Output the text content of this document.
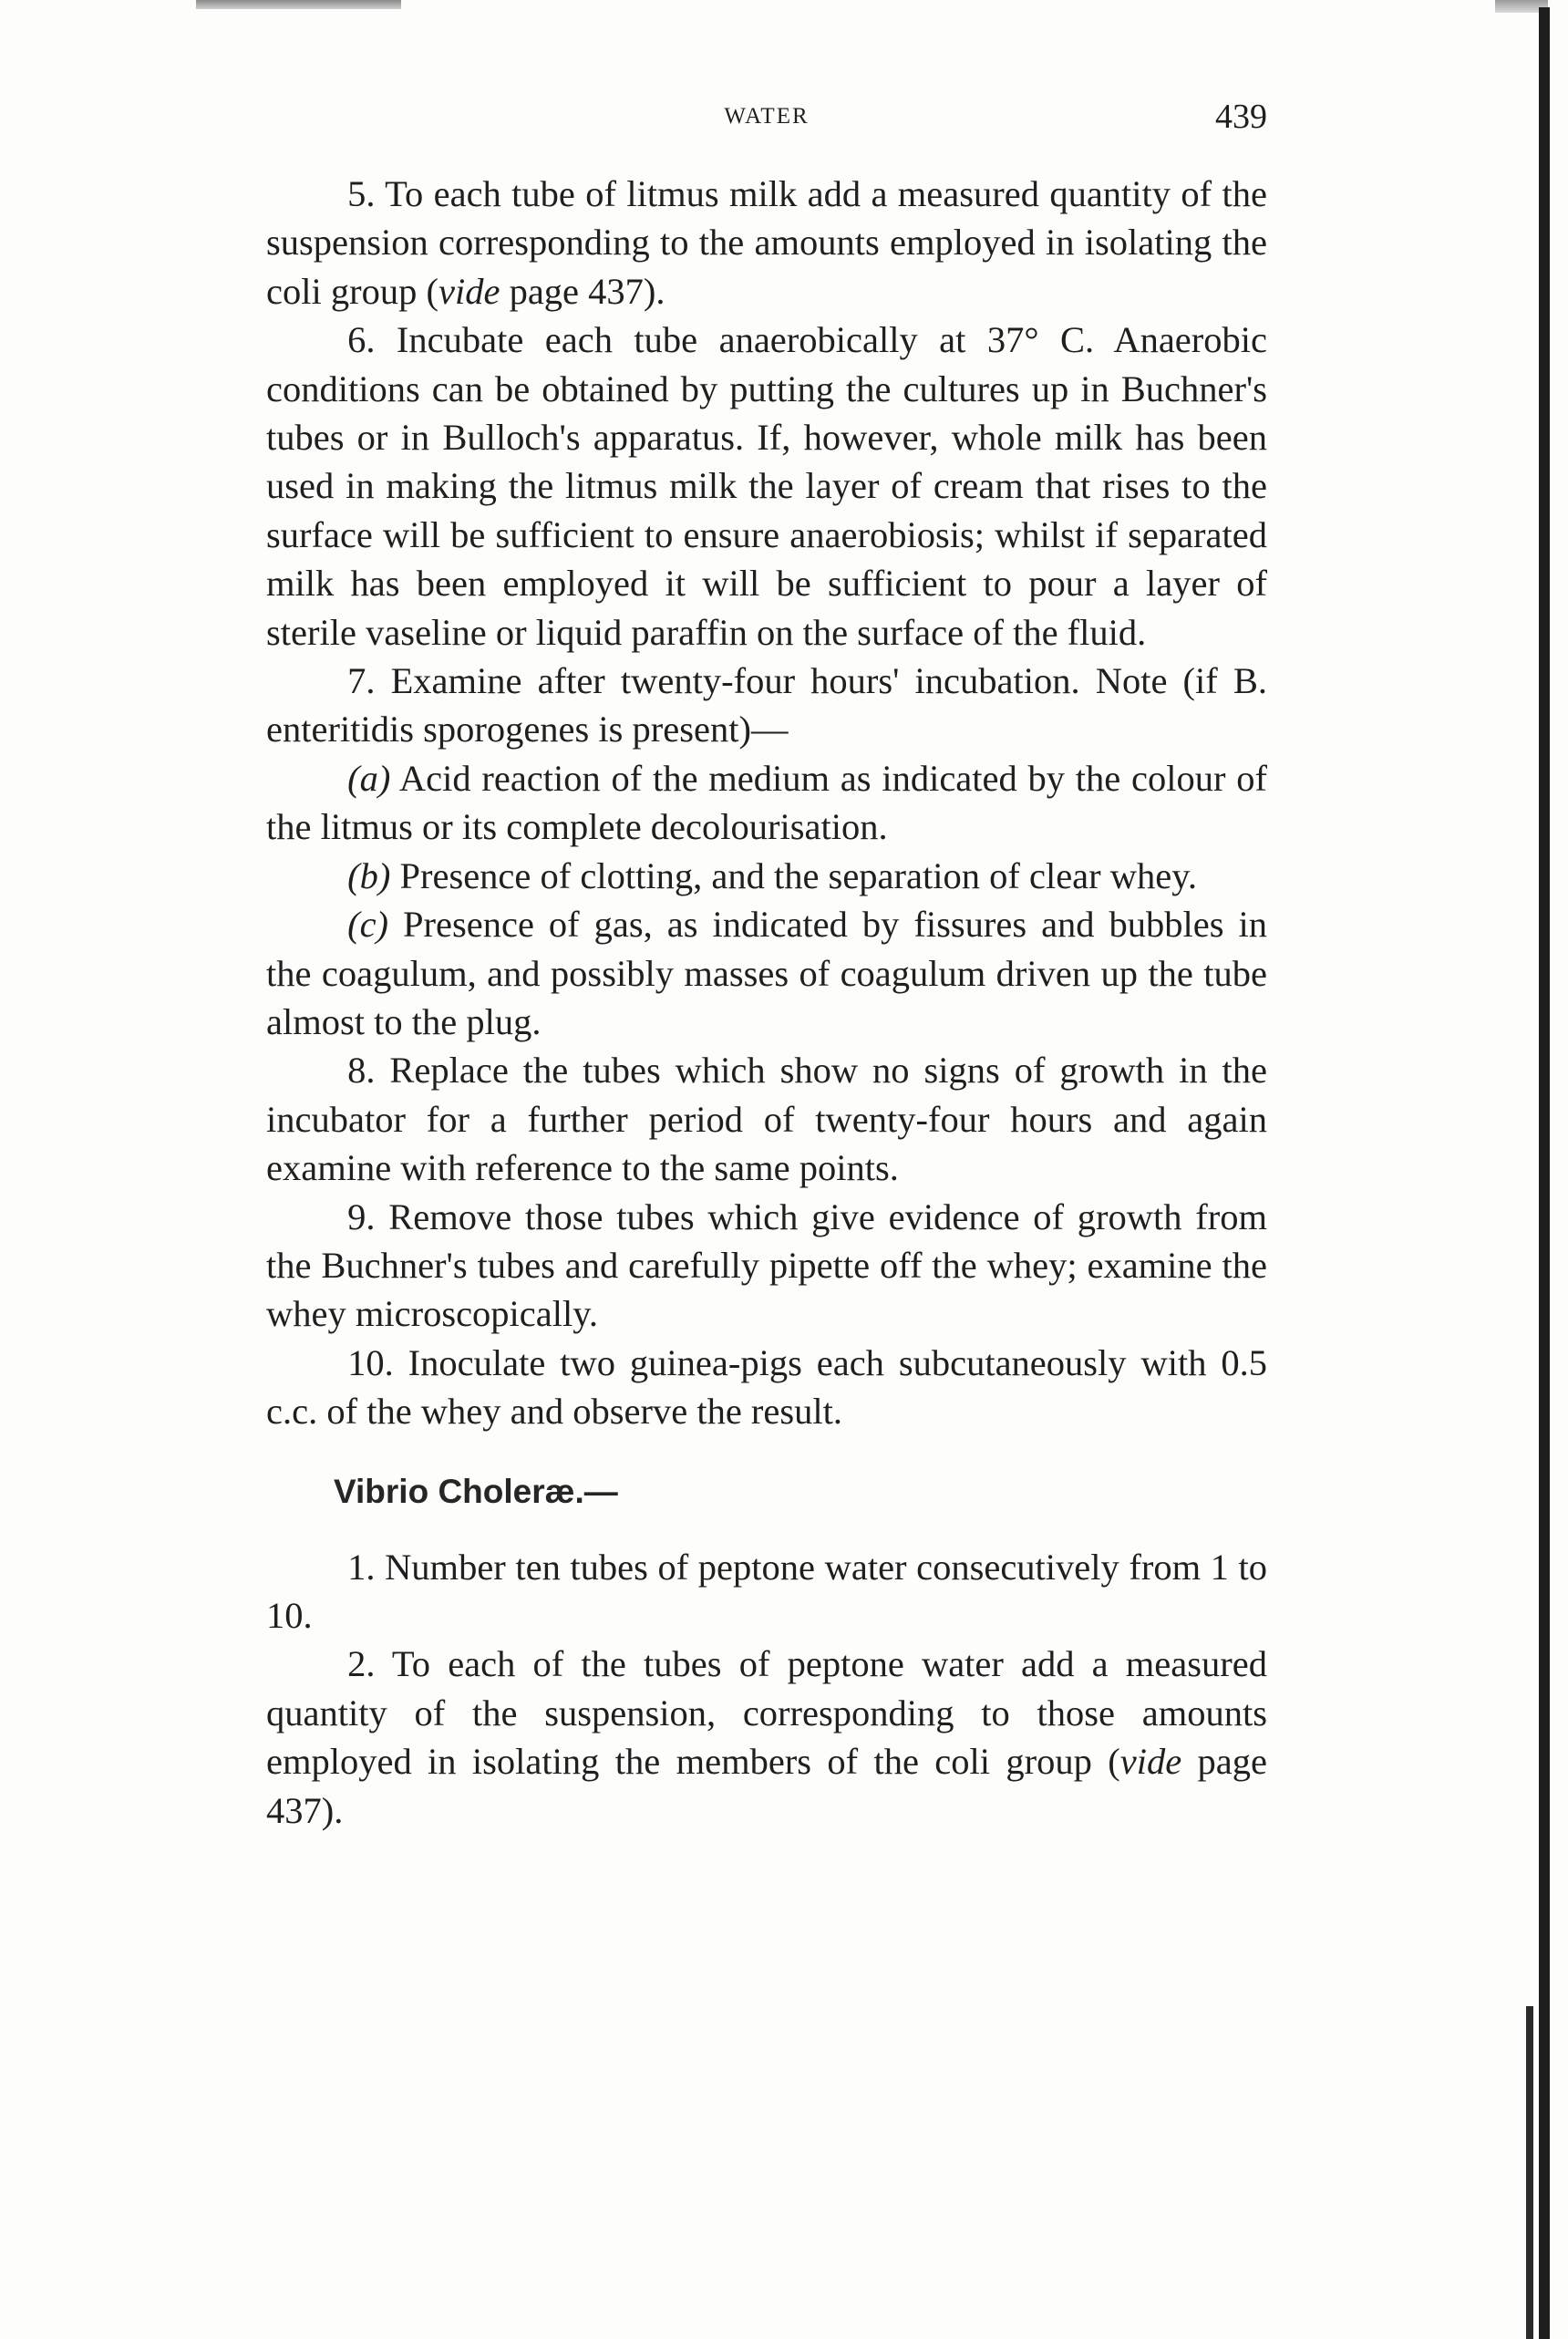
WATER	439

5. To each tube of litmus milk add a measured quantity of the suspension corresponding to the amounts employed in isolating the coli group (vide page 437).

6. Incubate each tube anaerobically at 37° C. Anaerobic conditions can be obtained by putting the cultures up in Buchner's tubes or in Bulloch's apparatus. If, however, whole milk has been used in making the litmus milk the layer of cream that rises to the surface will be sufficient to ensure anaerobiosis; whilst if separated milk has been employed it will be sufficient to pour a layer of sterile vaseline or liquid paraffin on the surface of the fluid.

7. Examine after twenty-four hours' incubation. Note (if B. enteritidis sporogenes is present)—

(a) Acid reaction of the medium as indicated by the colour of the litmus or its complete decolourisation.

(b) Presence of clotting, and the separation of clear whey.

(c) Presence of gas, as indicated by fissures and bubbles in the coagulum, and possibly masses of coagulum driven up the tube almost to the plug.

8. Replace the tubes which show no signs of growth in the incubator for a further period of twenty-four hours and again examine with reference to the same points.

9. Remove those tubes which give evidence of growth from the Buchner's tubes and carefully pipette off the whey; examine the whey microscopically.

10. Inoculate two guinea-pigs each subcutaneously with 0.5 c.c. of the whey and observe the result.

Vibrio Choleræ.—

1. Number ten tubes of peptone water consecutively from 1 to 10.

2. To each of the tubes of peptone water add a measured quantity of the suspension, corresponding to those amounts employed in isolating the members of the coli group (vide page 437).
